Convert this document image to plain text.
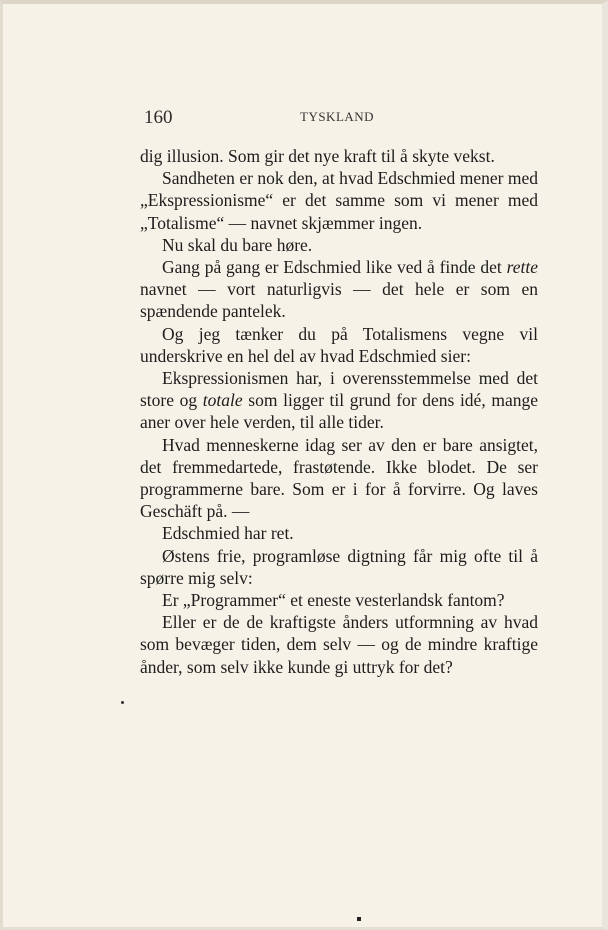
160	TYSKLAND

dig illusion. Som gir det nye kraft til å skyte vekst.

Sandheten er nok den, at hvad Edschmied mener med „Ekspressionisme“ er det samme som vi mener med „Totalisme“ — navnet skjæmmer ingen.

Nu skal du bare høre.

Gang på gang er Edschmied like ved å finde det rette navnet — vort naturligvis — det hele er som en spændende pantelek.

Og jeg tænker du på Totalismens vegne vil underskrive en hel del av hvad Edschmied sier:

Ekspressionismen har, i overensstemmelse med det store og totale som ligger til grund for dens idé, mange aner over hele verden, til alle tider.

Hvad menneskerne idag ser av den er bare ansigtet, det fremmedartede, frastøtende. Ikke blodet. De ser programmerne bare. Som er i for å forvirre. Og laves Geschäft på. —

Edschmied har ret.

Østens frie, programløse digtning får mig ofte til å spørre mig selv:

Er „Programmer“ et eneste vesterlandsk fantom?

Eller er de de kraftigste ånders utformning av hvad som bevæger tiden, dem selv — og de mindre kraftige ånder, som selv ikke kunde gi uttryk for det?
